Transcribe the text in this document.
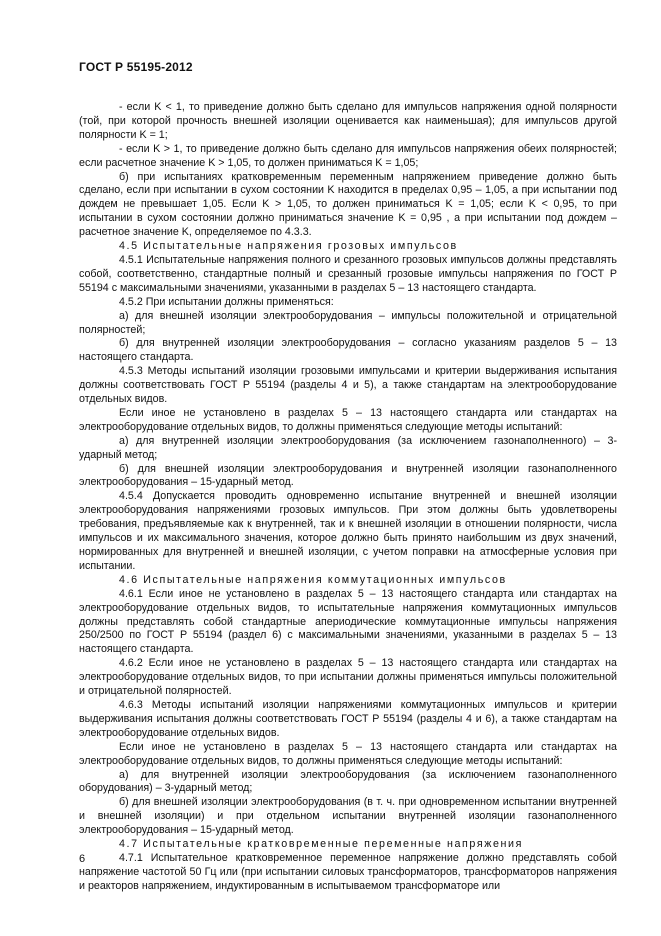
ГОСТ Р 55195-2012

- если K < 1, то приведение должно быть сделано для импульсов напряжения одной полярности (той, при которой прочность внешней изоляции оценивается как наименьшая); для импульсов другой полярности K = 1;

- если K > 1, то приведение должно быть сделано для импульсов напряжения обеих полярностей; если расчетное значение K > 1,05, то должен приниматься K = 1,05;

б) при испытаниях кратковременным переменным напряжением приведение должно быть сделано, если при испытании в сухом состоянии K находится в пределах 0,95 – 1,05, а при испытании под дождем не превышает 1,05. Если K > 1,05, то должен приниматься K = 1,05; если K < 0,95, то при испытании в сухом состоянии должно приниматься значение K = 0,95 , а при испытании под дождем – расчетное значение K, определяемое по 4.3.3.

4.5 Испытательные напряжения грозовых импульсов

4.5.1 Испытательные напряжения полного и срезанного грозовых импульсов должны представлять собой, соответственно, стандартные полный и срезанный грозовые импульсы напряжения по ГОСТ Р 55194 с максимальными значениями, указанными в разделах 5 – 13 настоящего стандарта.

4.5.2 При испытании должны применяться:

а) для внешней изоляции электрооборудования – импульсы положительной и отрицательной полярностей;

б) для внутренней изоляции электрооборудования – согласно указаниям разделов 5 – 13 настоящего стандарта.

4.5.3 Методы испытаний изоляции грозовыми импульсами и критерии выдерживания испытания должны соответствовать ГОСТ Р 55194 (разделы 4 и 5), а также стандартам на электрооборудование отдельных видов.

Если иное не установлено в разделах 5 – 13 настоящего стандарта или стандартах на электрооборудование отдельных видов, то должны применяться следующие методы испытаний:

а) для внутренней изоляции электрооборудования (за исключением газонаполненного) – 3-ударный метод;

б) для внешней изоляции электрооборудования и внутренней изоляции газонаполненного электрооборудования – 15-ударный метод.

4.5.4 Допускается проводить одновременно испытание внутренней и внешней изоляции электрооборудования напряжениями грозовых импульсов. При этом должны быть удовлетворены требования, предъявляемые как к внутренней, так и к внешней изоляции в отношении полярности, числа импульсов и их максимального значения, которое должно быть принято наибольшим из двух значений, нормированных для внутренней и внешней изоляции, с учетом поправки на атмосферные условия при испытании.

4.6 Испытательные напряжения коммутационных импульсов

4.6.1 Если иное не установлено в разделах 5 – 13 настоящего стандарта или стандартах на электрооборудование отдельных видов, то испытательные напряжения коммутационных импульсов должны представлять собой стандартные апериодические коммутационные импульсы напряжения 250/2500 по ГОСТ Р 55194 (раздел 6) с максимальными значениями, указанными в разделах 5 – 13 настоящего стандарта.

4.6.2 Если иное не установлено в разделах 5 – 13 настоящего стандарта или стандартах на электрооборудование отдельных видов, то при испытании должны применяться импульсы положительной и отрицательной полярностей.

4.6.3 Методы испытаний изоляции напряжениями коммутационных импульсов и критерии выдерживания испытания должны соответствовать ГОСТ Р 55194 (разделы 4 и 6), а также стандартам на электрооборудование отдельных видов.

Если иное не установлено в разделах 5 – 13 настоящего стандарта или стандартах на электрооборудование отдельных видов, то должны применяться следующие методы испытаний:

а) для внутренней изоляции электрооборудования (за исключением газонаполненного оборудования) – 3-ударный метод;

б) для внешней изоляции электрооборудования (в т. ч. при одновременном испытании внутренней и внешней изоляции) и при отдельном испытании внутренней изоляции газонаполненного электрооборудования – 15-ударный метод.

4.7 Испытательные кратковременные переменные напряжения

4.7.1 Испытательное кратковременное переменное напряжение должно представлять собой напряжение частотой 50 Гц или (при испытании силовых трансформаторов, трансформаторов напряжения и реакторов напряжением, индуктированным в испытываемом трансформаторе или

6
